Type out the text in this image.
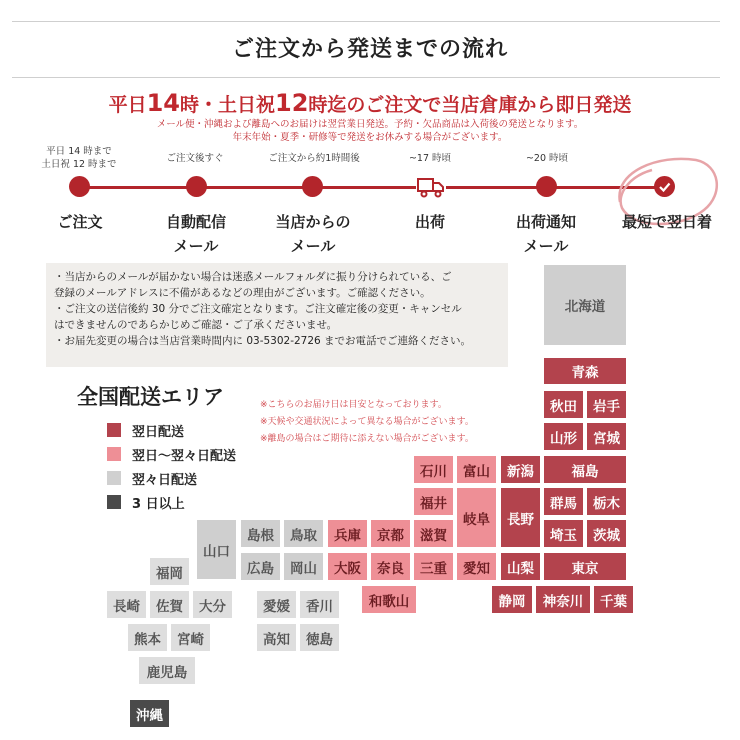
ご注文から発送までの流れ
平日14時・土日祝12時迄のご注文で当店倉庫から即日発送
メール便・沖縄および離島へのお届けは翌営業日発送。予約・欠品商品は入荷後の発送となります。
年末年始・夏季・研修等で発送をお休みする場合がございます。
平日 14 時まで
土日祝 12 時まで
ご注文後すぐ	ご注文から約1時間後	~17 時頃	~20 時頃
ご注文	自動配信
メール
当店からの
メール
出荷	出荷通知
メール
最短で翌日着
・当店からのメールが届かない場合は迷惑メールフォルダに振り分けられている、ご
登録のメールアドレスに不備があるなどの理由がございます。ご確認ください。
・ご注文の送信後約 30 分でご注文確定となります。ご注文確定後の変更・キャンセル
はできませんのであらかじめご確認・ご了承くださいませ。
・お届先変更の場合は当店営業時間内に 03-5302-2726 までお電話でご連絡ください。
全国配送エリア
翌日配送
翌日～翌々日配送
翌々日配送
3 日以上
※こちらのお届け日は目安となっております。
※天候や交通状況によって異なる場合がございます。
※離島の場合はご期待に添えない場合がございます。
北海道
青森
秋田	岩手
山形	宮城
福島
新潟
群馬	栃木
長野
埼玉	茨城
山梨	東京
静岡	神奈川	千葉
石川	富山
福井
岐阜
兵庫	京都	滋賀
大阪	奈良	三重	愛知
和歌山
島根	鳥取
山口
広島	岡山
福岡
長崎	佐賀	大分	愛媛	香川
熊本	宮崎	高知	徳島
鹿児島
沖縄
